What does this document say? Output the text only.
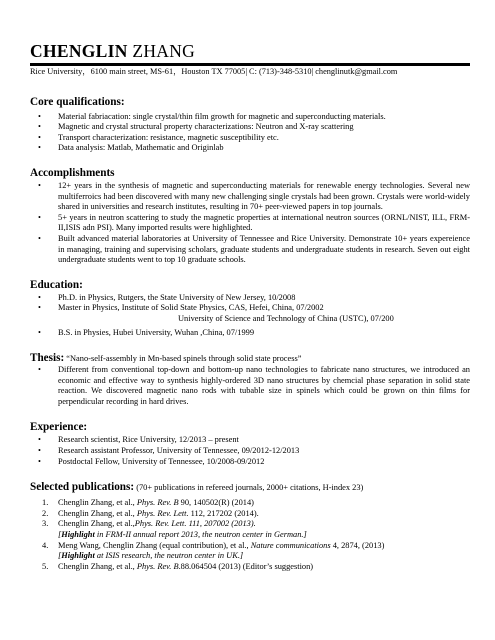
CHENGLIN ZHANG
Rice University，6100 main street, MS-61，Houston TX 77005| C: (713)-348-5310| chenglinutk@gmail.com
Core qualifications:
• Material fabriacation: single crystal/thin film growth for magnetic and superconducting materials.
• Magnetic and crystal structural property characterizations: Neutron and X-ray scattering
• Transport characterization: resistance, magnetic susceptibility etc.
• Data analysis: Matlab, Mathematic and Originlab
Accomplishments
• 12+ years in the synthesis of magnetic and superconducting materials for renewable energy technologies. Several new multiferroics had been discovered with many new challenging single crystals had been grown. Crystals were world-widely shared in universities and research institutes, resulting in 70+ peer-viewed papers in top journals.
• 5+ years in neutron scattering to study the magnetic properties at international neutron sources (ORNL/NIST, ILL, FRM-II,ISIS adn PSI). Many imported results were highlighted.
• Built advanced material laboratories at University of Tennessee and Rice University. Demonstrate 10+ years expereience in managing, training and supervising scholars, graduate students and undergraduate students in research. Seven out eight undergraduate students went to top 10 graduate schools.
Education:
• Ph.D. in Physics, Rutgers, the State University of New Jersey, 10/2008
• Master in Physics, Institute of Solid State Physics, CAS, Hefei, China, 07/2002
University of Science and Technology of China (USTC), 07/200
• B.S. in Physies, Hubei University, Wuhan ,China, 07/1999
Thesis: “Nano-self-assembly in Mn-based spinels through solid state process”
• Different from conventional top-down and bottom-up nano technologies to fabricate nano structures, we introduced an economic and effective way to synthesis highly-ordered 3D nano structures by chemcial phase separation in solid state reaction. We discovered magnetic nano rods with tubable size in spinels which could be grown on thin films for perpendicular recording in hard drives.
Experience:
• Research scientist, Rice University, 12/2013 – present
• Research assistant Professor, University of Tennessee, 09/2012-12/2013
• Postdoctal Fellow, University of Tennessee, 10/2008-09/2012
Selected publications: (70+ publications in refereed journals, 2000+ citations, H-index 23)
1. Chenglin Zhang, et al., Phys. Rev. B 90, 140502(R) (2014)
2. Chenglin Zhang, et al., Phys. Rev. Lett. 112, 217202 (2014).
3. Chenglin Zhang, et al.,Phys. Rev. Lett. 111, 207002 (2013).
[Highlight in FRM-II annual report 2013, the neutron center in German.]
4. Meng Wang, Chenglin Zhang (equal contribution), et al., Nature communications 4, 2874, (2013)
[Highlight at ISIS research, the neutron center in UK.]
5. Chenglin Zhang, et al., Phys. Rev. B.88.064504 (2013) (Editor’s suggestion)
